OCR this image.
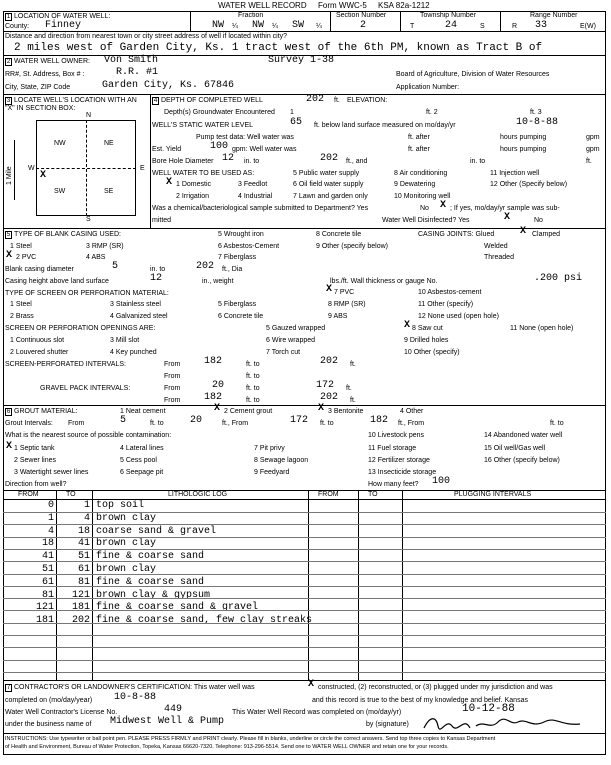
WATER WELL RECORD Form WWC-5 KSA 82a-1212
1 LOCATION OF WATER WELL:	Fraction	Section Number	Township Number	Range Number
County: Finney	NW ¼ NW ¼ SW ¼	2	T	24	S	R 33	E(W)
Distance and direction from nearest town or city street address of well if located within city?
2 miles west of Garden City, Ks. 1 tract west of the 6th PM, known as Tract B of
2 WATER WELL OWNER: Von Smith	Survey 1-38
RR#, St. Address, Box # :	R.R. #1	Board of Agriculture, Division of Water Resources
City, State, ZIP Code	Garden City, Ks. 67846	Application Number:
3 LOCATE WELL'S LOCATION WITH AN "X" IN SECTION BOX:
N
S
W	E
NW	NE
SW	SE
X
1 Mile
4 DEPTH OF COMPLETED WELL	202 ft. ELEVATION:
Depth(s) Groundwater Encountered 1	ft. 2	ft. 3
WELL'S STATIC WATER LEVEL	65 ft. below land surface measured on mo/day/yr	10-8-88
Pump test data: Well water was	ft. after	hours pumping	gpm
Est. Yield	100 gpm: Well water was	ft. after	hours pumping	gpm
Bore Hole Diameter 12 in. to	202 ft., and	in. to	ft.
WELL WATER TO BE USED AS:
X 1 Domestic	3 Feedlot
5 Public water supply	8 Air conditioning	11 Injection well
2 Irrigation	4 Industrial
6 Oil field water supply
7 Lawn and garden only
9 Dewatering
10 Monitoring well
12 Other (Specify below)
Was a chemical/bacteriological sample submitted to Department? Yes	No X ; If yes, mo/day/yr sample was sub-
mitted	Water Well Disinfected? Yes	X	No
5 TYPE OF BLANK CASING USED:
1 Steel	3 RMP (SR)
5 Wrought iron	8 Concrete tile
X 2 PVC	4 ABS
6 Asbestos-Cement
7 Fiberglass
9 Other (specify below)
CASING JOINTS: Glued	X Clamped
Welded
Threaded
Blank casing diameter	5	in. to	202 ft., Dia
Casing height above land surface	12	in., weight	lbs./ft. Wall thickness or gauge No.	.200 psi
TYPE OF SCREEN OR PERFORATION MATERIAL:
1 Steel	3 Stainless steel	5 Fiberglass
X 7 PVC	10 Asbestos-cement
2 Brass	4 Galvanized steel	6 Concrete tile
8 RMP (SR)
9 ABS
11 Other (specify)
12 None used (open hole)
SCREEN OR PERFORATION OPENINGS ARE:
1 Continuous slot	3 Mill slot
5 Gauzed wrapped	X 8 Saw cut	11 None (open hole)
2 Louvered shutter	4 Key punched
6 Wire wrapped
7 Torch cut
9 Drilled holes
10 Other (specify)
SCREEN-PERFORATED INTERVALS:	From 182	ft. to	202 ft.
From	ft. to
GRAVEL PACK INTERVALS:	From	20	ft. to	172 ft.
From 182	ft. to	202 ft.
6 GROUT MATERIAL:	1 Neat cement	X 2 Cement grout	X 3 Bentonite	4 Other
Grout Intervals: From	5	ft. to	20	ft., From	172 ft. to	182 ft., From	ft. to
What is the nearest source of possible contamination:
X 1 Septic tank	4 Lateral lines	7 Pit privy
10 Livestock pens	14 Abandoned water well
2 Sewer lines	5 Cess pool	8 Sewage lagoon
11 Fuel storage	15 Oil well/Gas well
3 Watertight sewer lines	6 Seepage pit	9 Feedyard
12 Fertilizer storage
13 Insecticide storage
16 Other (specify below)
Direction from well?	How many feet? 100
FROM	TO	LITHOLOGIC LOG	FROM	TO	PLUGGING INTERVALS
0	1 top soil
1	4 brown clay
4	18 coarse sand & gravel
18	41 brown clay
41	51 fine & coarse sand
51	61 brown clay
61	81 fine & coarse sand
81	121 brown clay & gypsum
121	181 fine & coarse sand & gravel
181	202 fine & coarse sand, few clay streaks
7 CONTRACTOR'S OR LANDOWNER'S CERTIFICATION: This water well was	X constructed, (2) reconstructed, or (3) plugged under my jurisdiction and was
completed on (mo/day/year) 10-8-88	and this record is true to the best of my knowledge and belief. Kansas
Water Well Contractor's License No.	449	This Water Well Record was completed on (mo/day/yr)	10-12-88
under the business name of Midwest Well & Pump	by (signature)
INSTRUCTIONS: Use typewriter or ball point pen. PLEASE PRESS FIRMLY and PRINT clearly. Please fill in blanks, underline or circle the correct answers. Send top three copies to Kansas Department
of Health and Environment, Bureau of Water Protection, Topeka, Kansas 66620-7320. Telephone: 913-296-5514. Send one to WATER WELL OWNER and retain one for your records.
